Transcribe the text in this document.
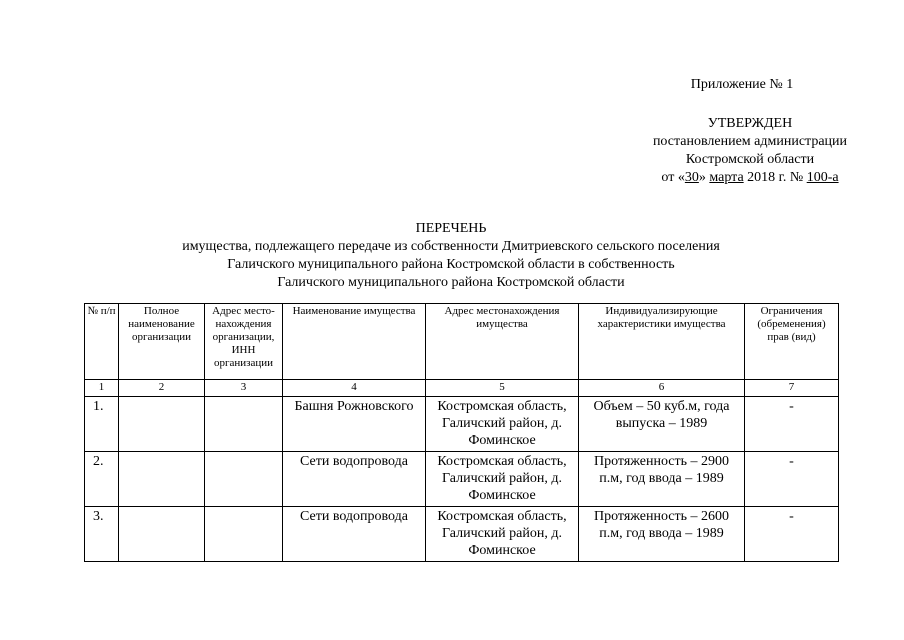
Приложение № 1
УТВЕРЖДЕН
постановлением администрации
Костромской области
от «30» марта 2018 г. № 100-а
ПЕРЕЧЕНЬ
имущества, подлежащего передаче из собственности Дмитриевского сельского поселения
Галичского муниципального района Костромской области в собственность
Галичского муниципального района Костромской области
№ п/п	Полное наименование организации	Адрес место-нахождения организации, ИНН организации	Наименование имущества	Адрес местонахождения имущества	Индивидуализирующие характеристики имущества	Ограничения (обременения) прав (вид)
1	2	3	4	5	6	7
1.			Башня Рожновского	Костромская область, Галичский район, д. Фоминское	Объем – 50 куб.м, года выпуска – 1989	-
2.			Сети водопровода	Костромская область, Галичский район, д. Фоминское	Протяженность – 2900 п.м, год ввода – 1989	-
3.			Сети водопровода	Костромская область, Галичский район, д. Фоминское	Протяженность – 2600 п.м, год ввода – 1989	-
